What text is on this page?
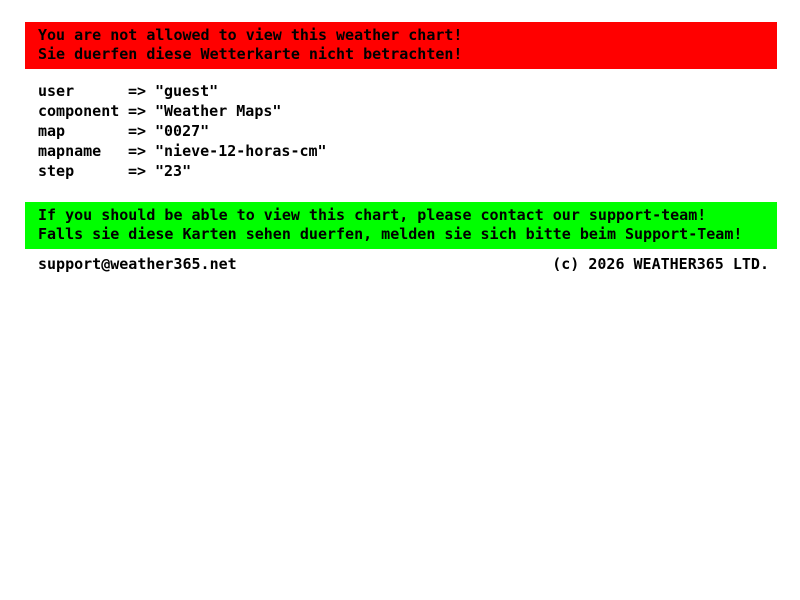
You are not allowed to view this weather chart!
Sie duerfen diese Wetterkarte nicht betrachten!
user	=> "guest"
component => "Weather Maps"
map	=> "0027"
mapname => "nieve-12-horas-cm"
step	=> "23"
If you should be able to view this chart, please contact our support-team!
Falls sie diese Karten sehen duerfen, melden sie sich bitte beim Support-Team!
support@weather365.net	(c) 2026 WEATHER365 LTD.
